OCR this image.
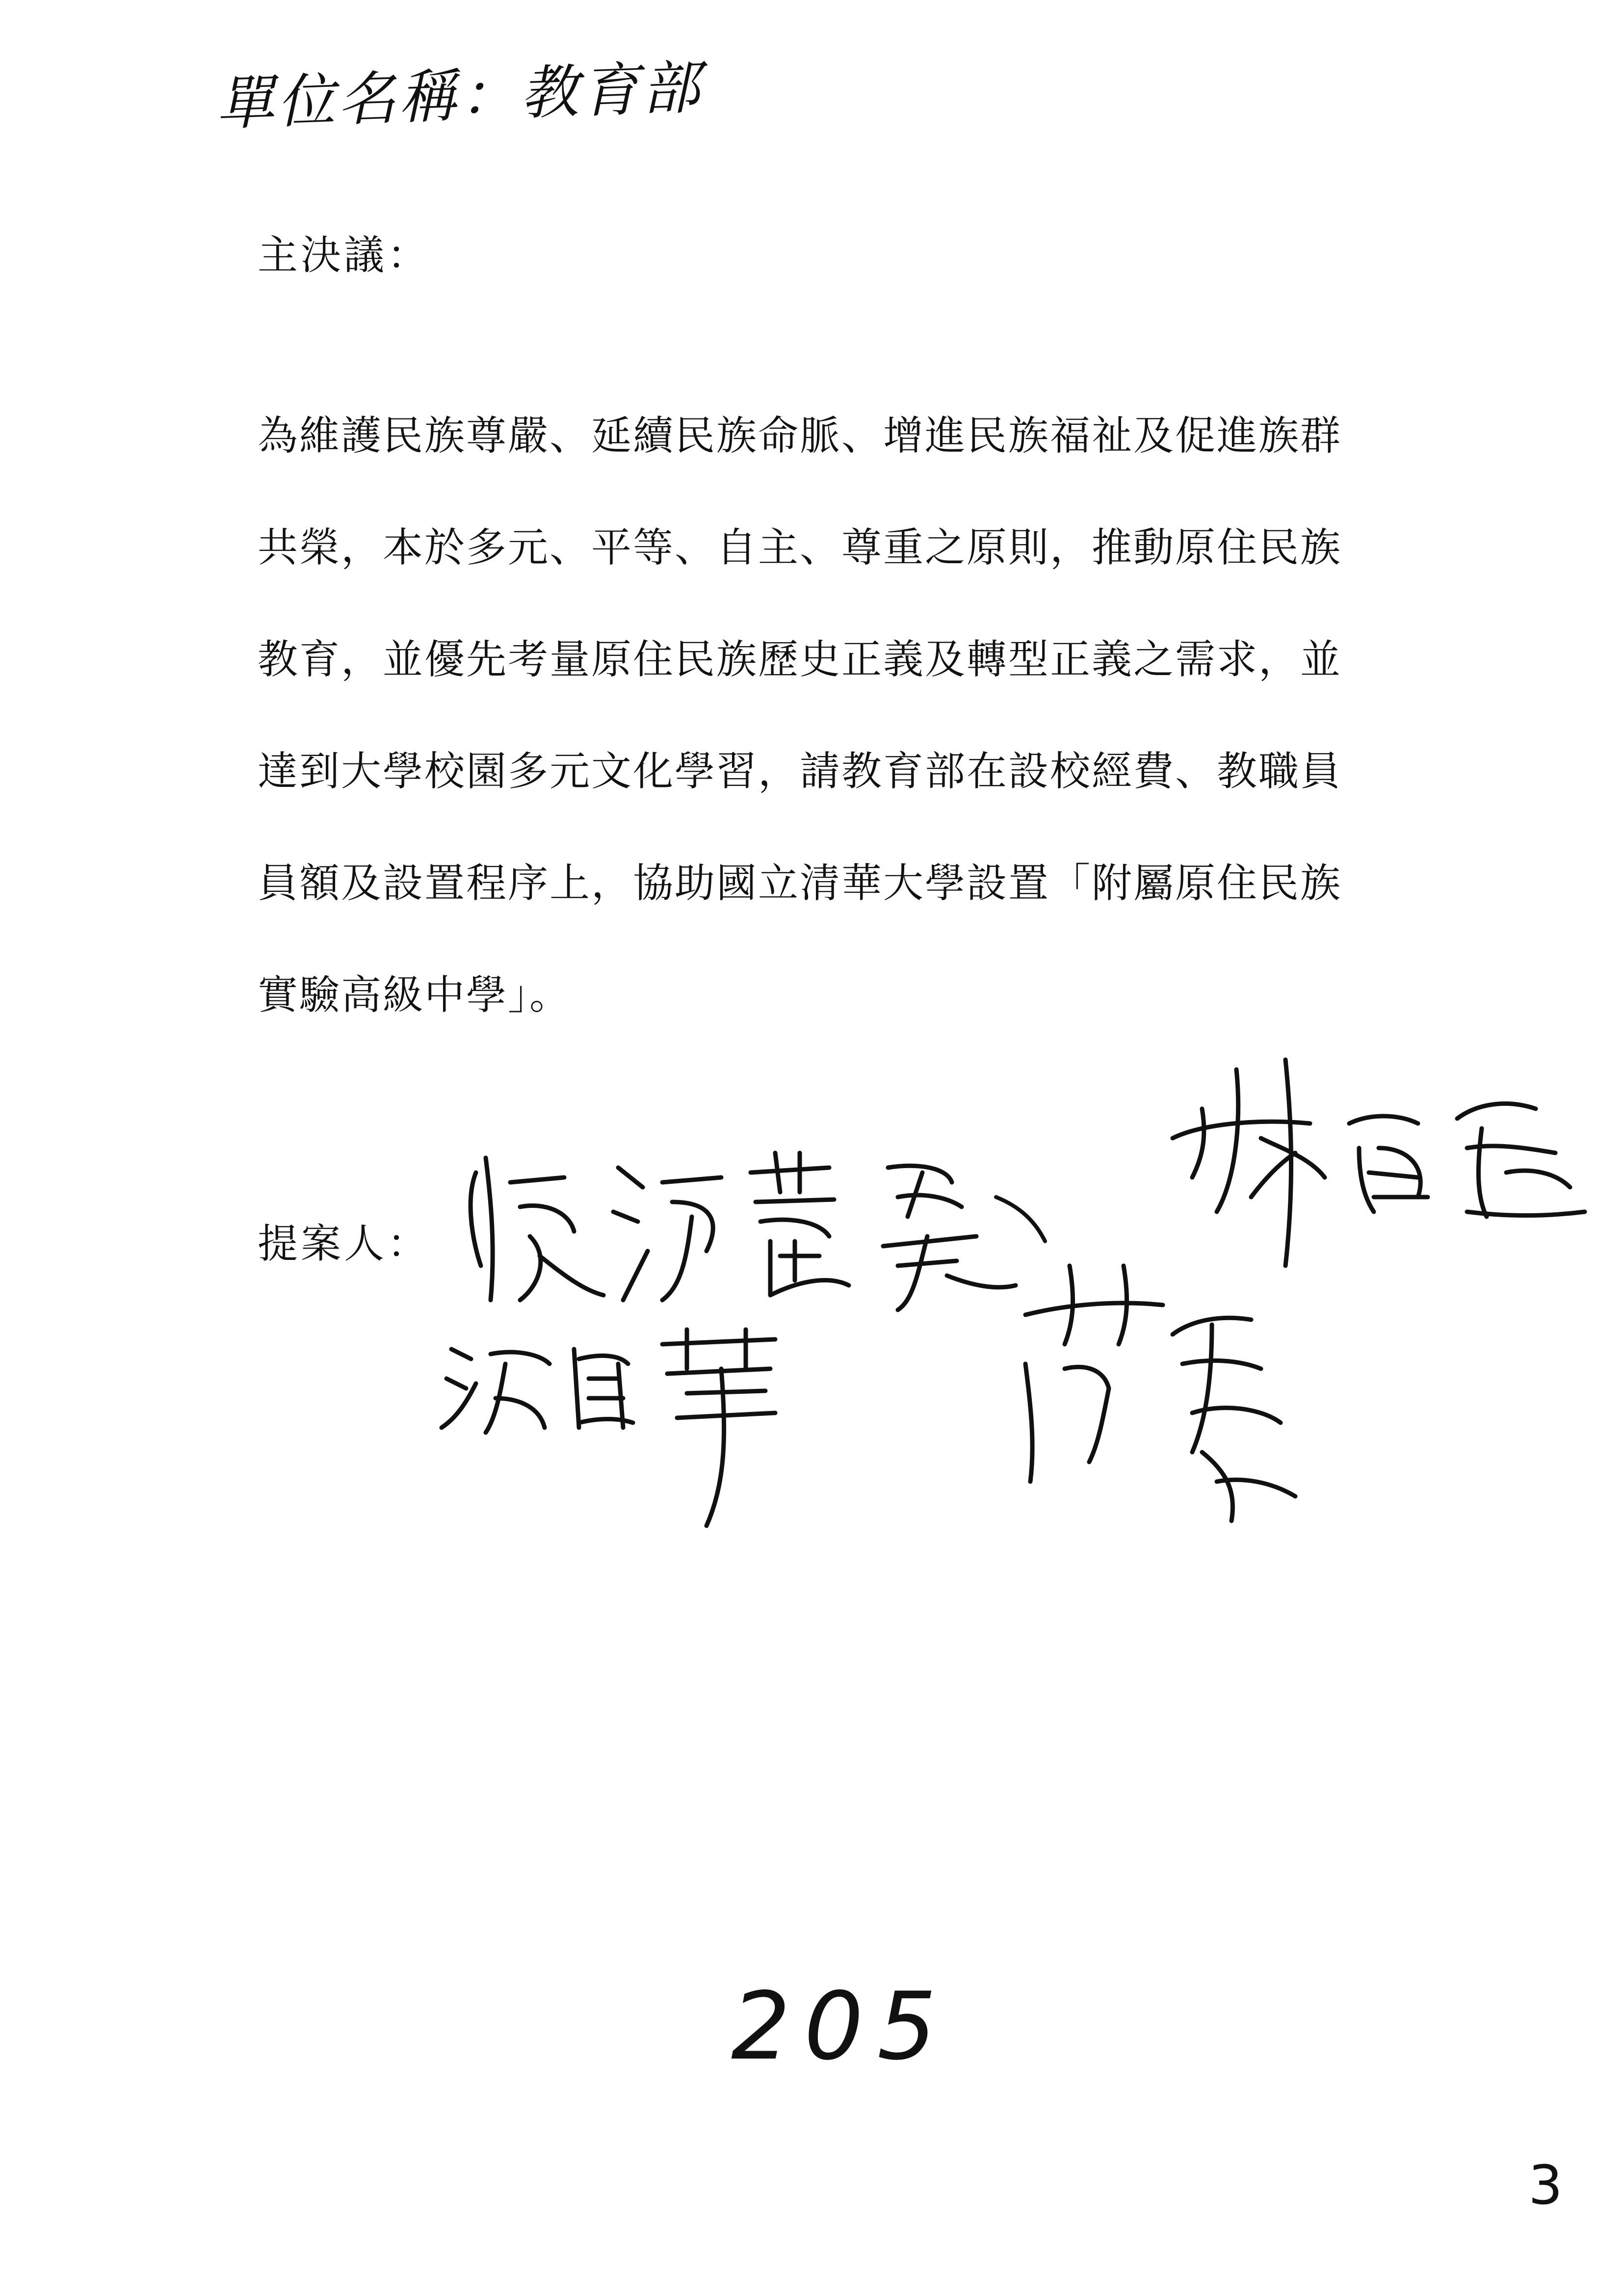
單位名稱：教育部
主決議：
為維護民族尊嚴、延續民族命脈、增進民族福祉及促進族群
共榮，本於多元、平等、自主、尊重之原則，推動原住民族
教育，並優先考量原住民族歷史正義及轉型正義之需求，並
達到大學校園多元文化學習，請教育部在設校經費、教職員
員額及設置程序上，協助國立清華大學設置「附屬原住民族
實驗高級中學」。
提案人：
205
3
